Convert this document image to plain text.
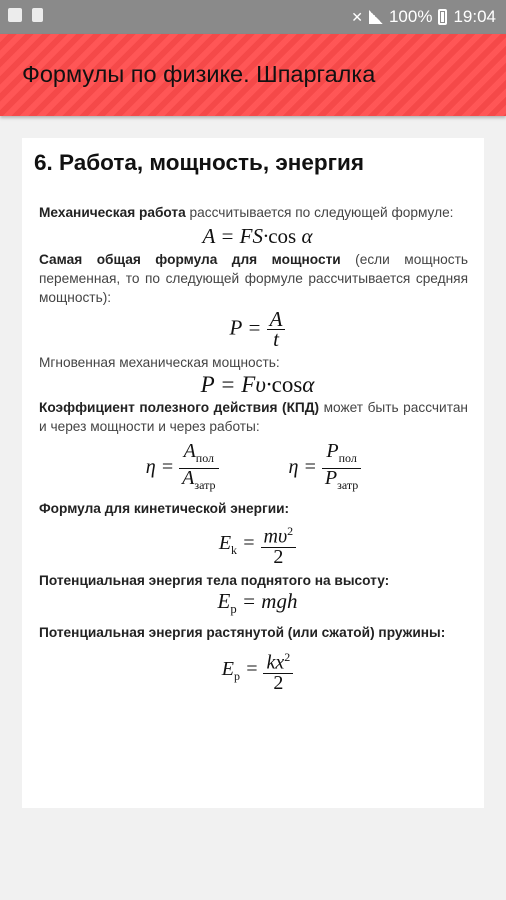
✕ 100% 19:04
Формулы по физике. Шпаргалка
6. Работа, мощность, энергия

Механическая работа рассчитывается по следующей формуле:

A = FS·cos α

Самая общая формула для мощности (если мощность переменная, то по следующей формуле рассчитывается средняя мощность):

$P = \frac{A}{t}$

Мгновенная механическая мощность:

P = Fυ·cosα

Коэффициент полезного действия (КПД) может быть рассчитан и через мощности и через работы:

$\eta = \frac{A_{пол}}{A_{затр}}$	$\eta = \frac{P_{пол}}{P_{затр}}$

Формула для кинетической энергии:

$E_k = \frac{m\upsilon^2}{2}$

Потенциальная энергия тела поднятого на высоту:

$E_p$ = mgh

Потенциальная энергия растянутой (или сжатой) пружины:

$E_p = \frac{kx^2}{2}$
